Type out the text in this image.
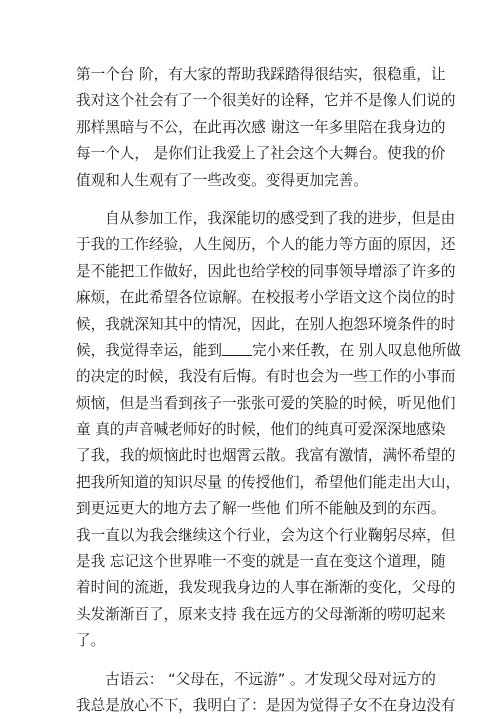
第一个台 阶，有大家的帮助我踩踏得很结实，很稳重，让
我对这个社会有了一个很美好的诠释，它并不是像人们说的
那样黑暗与不公，在此再次感 谢这一年多里陪在我身边的
每一个人， 是你们让我爱上了社会这个大舞台。使我的价
值观和人生观有了一些改变。变得更加完善。
自从参加工作，我深能切的感受到了我的进步，但是由
于我的工作经验，人生阅历，个人的能力等方面的原因，还
是不能把工作做好，因此也给学校的同事领导增添了许多的
麻烦，在此希望各位谅解。在校报考小学语文这个岗位的时
候，我就深知其中的情况，因此，在别人抱怨环境条件的时
候，我觉得幸运，能到 完小来任教，在 别人叹息他所做
的决定的时候，我没有后悔。有时也会为一些工作的小事而
烦恼，但是当看到孩子一张张可爱的笑脸的时候，听见他们
童 真的声音喊老师好的时候，他们的纯真可爱深深地感染
了我，我的烦恼此时也烟霄云散。我富有激情，满怀希望的
把我所知道的知识尽量 的传授他们，希望他们能走出大山，
到更远更大的地方去了解一些他 们所不能触及到的东西。
我一直以为我会继续这个行业，会为这个行业鞠躬尽瘁，但
是我 忘记这个世界唯一不变的就是一直在变这个道理，随
着时间的流逝，我发现我身边的人事在渐渐的变化，父母的
头发渐渐百了，原来支持 我在远方的父母渐渐的唠叨起来
了。
古语云： “父母在，不远游” 。才发现父母对远方的
我总是放心不下，我明白了：是因为觉得子女不在身边没有
